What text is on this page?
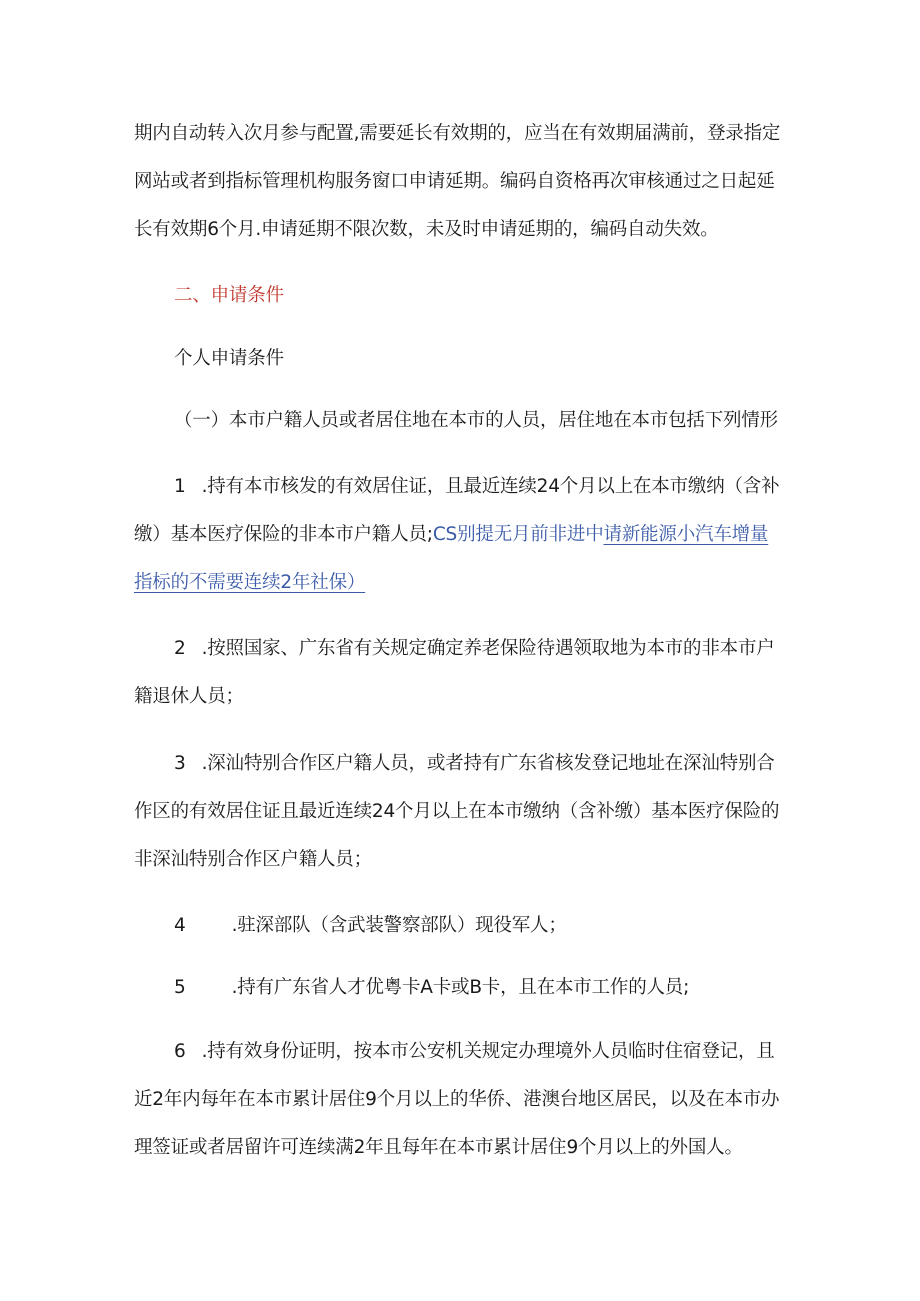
期内自动转入次月参与配置,需要延长有效期的，应当在有效期届满前，登录指定
网站或者到指标管理机构服务窗口申请延期。编码自资格再次审核通过之日起延
长有效期6个月.申请延期不限次数，未及时申请延期的，编码自动失效。
二、申请条件
个人申请条件
（一）本市户籍人员或者居住地在本市的人员，居住地在本市包括下列情形
1 .持有本市核发的有效居住证，且最近连续24个月以上在本市缴纳（含补
缴）基本医疗保险的非本市户籍人员;CS别提无月前非进中请新能源小汽车增量
指标的不需要连续2年社保）
2 .按照国家、广东省有关规定确定养老保险待遇领取地为本市的非本市户
籍退休人员；
3 .深汕特别合作区户籍人员，或者持有广东省核发登记地址在深汕特别合
作区的有效居住证且最近连续24个月以上在本市缴纳（含补缴）基本医疗保险的
非深汕特别合作区户籍人员；
4 .驻深部队（含武装警察部队）现役军人；
5 .持有广东省人才优粤卡A卡或B卡，且在本市工作的人员;
6 .持有效身份证明，按本市公安机关规定办理境外人员临时住宿登记，且
近2年内每年在本市累计居住9个月以上的华侨、港澳台地区居民，以及在本市办
理签证或者居留许可连续满2年且每年在本市累计居住9个月以上的外国人。
